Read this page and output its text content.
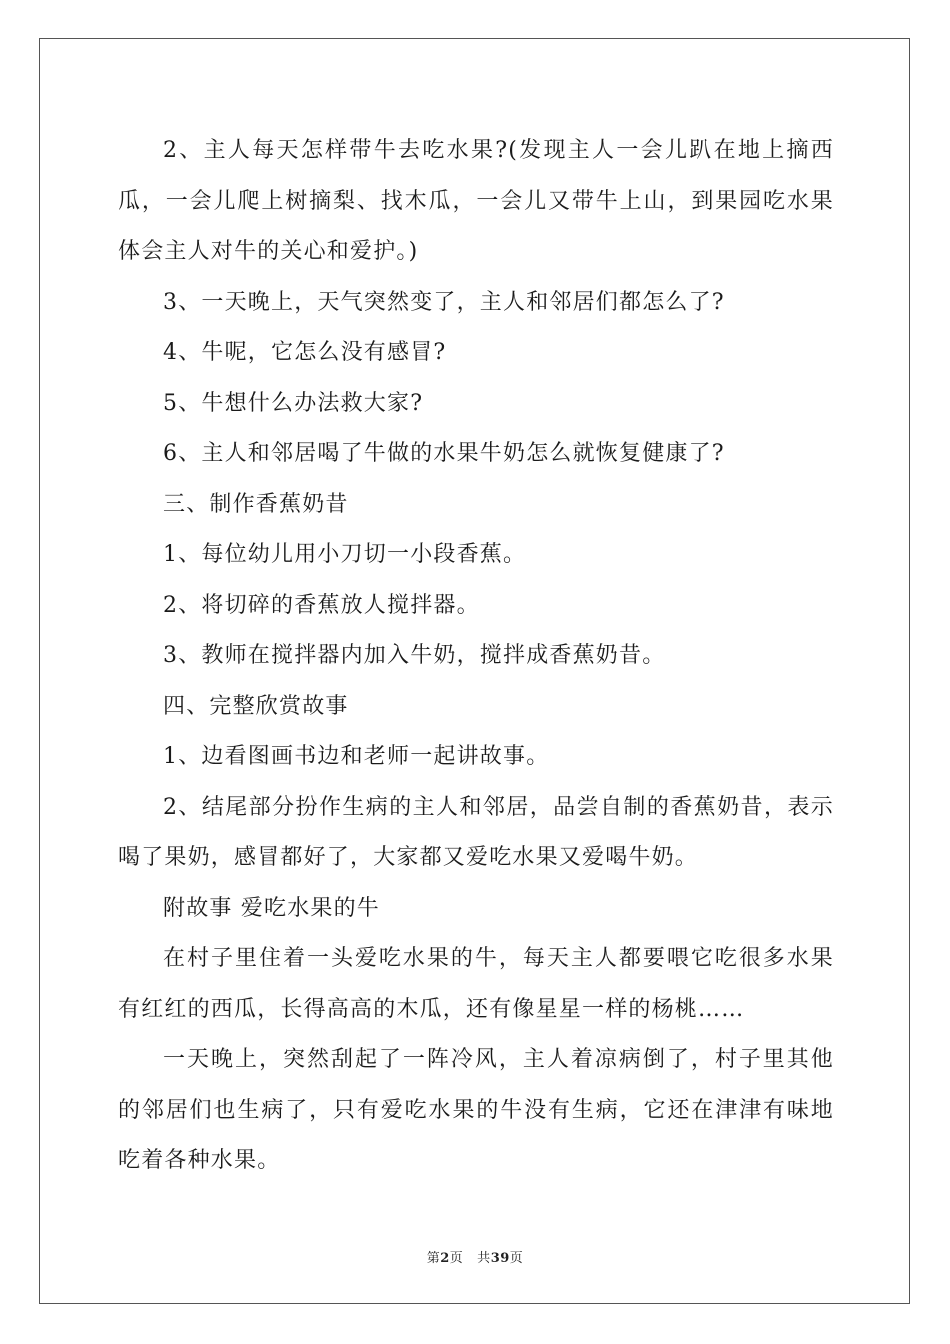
2、主人每天怎样带牛去吃水果?(发现主人一会儿趴在地上摘西瓜，一会儿爬上树摘梨、找木瓜，一会儿又带牛上山，到果园吃水果体会主人对牛的关心和爱护。)

3、一天晚上，天气突然变了，主人和邻居们都怎么了?

4、牛呢，它怎么没有感冒?

5、牛想什么办法救大家?

6、主人和邻居喝了牛做的水果牛奶怎么就恢复健康了?

三、制作香蕉奶昔

1、每位幼儿用小刀切一小段香蕉。

2、将切碎的香蕉放人搅拌器。

3、教师在搅拌器内加入牛奶，搅拌成香蕉奶昔。

四、完整欣赏故事

1、边看图画书边和老师一起讲故事。

2、结尾部分扮作生病的主人和邻居，品尝自制的香蕉奶昔，表示喝了果奶，感冒都好了，大家都又爱吃水果又爱喝牛奶。

附故事 爱吃水果的牛

在村子里住着一头爱吃水果的牛，每天主人都要喂它吃很多水果有红红的西瓜，长得高高的木瓜，还有像星星一样的杨桃……

一天晚上，突然刮起了一阵冷风，主人着凉病倒了，村子里其他的邻居们也生病了，只有爱吃水果的牛没有生病，它还在津津有味地吃着各种水果。

第2页 共39页
